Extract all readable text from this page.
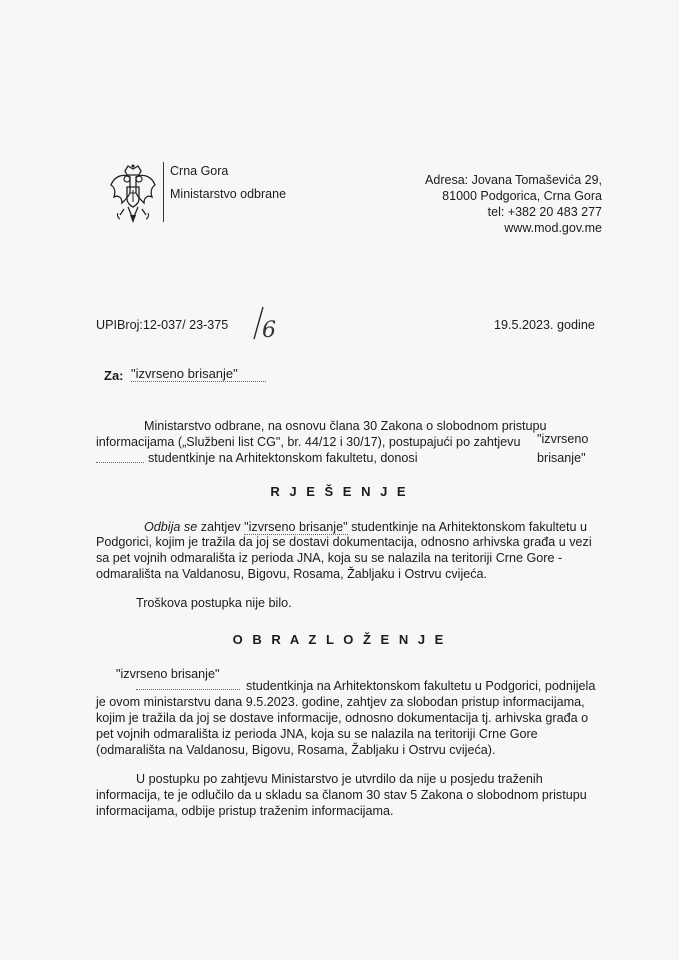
Crna Gora
Ministarstvo odbrane
Adresa: Jovana Tomaševića 29,
81000 Podgorica, Crna Gora
tel: +382 20 483 277
www.mod.gov.me
UPIBroj:12-037/ 23-375 6	19.5.2023. godine
Za: "izvrseno brisanje"
Ministarstvo odbrane, na osnovu člana 30 Zakona o slobodnom pristupu
informacijama („Službeni list CG", br. 44/12 i 30/17), postupajući po zahtjevu	"izvrseno
studentkinje na Arhitektonskom fakultetu, donosi	brisanje"
R J E Š E N J E
Odbija se zahtjev "izvrseno brisanje" studentkinje na Arhitektonskom fakultetu u
Podgorici, kojim je tražila da joj se dostavi dokumentacija, odnosno arhivska građa u vezi
sa pet vojnih odmarališta iz perioda JNA, koja su se nalazila na teritoriji Crne Gore -
odmarališta na Valdanosu, Bigovu, Rosama, Žabljaku i Ostrvu cvijeća.
Troškova postupka nije bilo.
O B R A Z L O Ž E N J E
"izvrseno brisanje"
studentkinja na Arhitektonskom fakultetu u Podgorici, podnijela
je ovom ministarstvu dana 9.5.2023. godine, zahtjev za slobodan pristup informacijama,
kojim je tražila da joj se dostave informacije, odnosno dokumentacija tj. arhivska građa o
pet vojnih odmarališta iz perioda JNA, koja su se nalazila na teritoriji Crne Gore
(odmarališta na Valdanosu, Bigovu, Rosama, Žabljaku i Ostrvu cvijeća).
U postupku po zahtjevu Ministarstvo je utvrdilo da nije u posjedu traženih
informacija, te je odlučilo da u skladu sa članom 30 stav 5 Zakona o slobodnom pristupu
informacijama, odbije pristup traženim informacijama.
